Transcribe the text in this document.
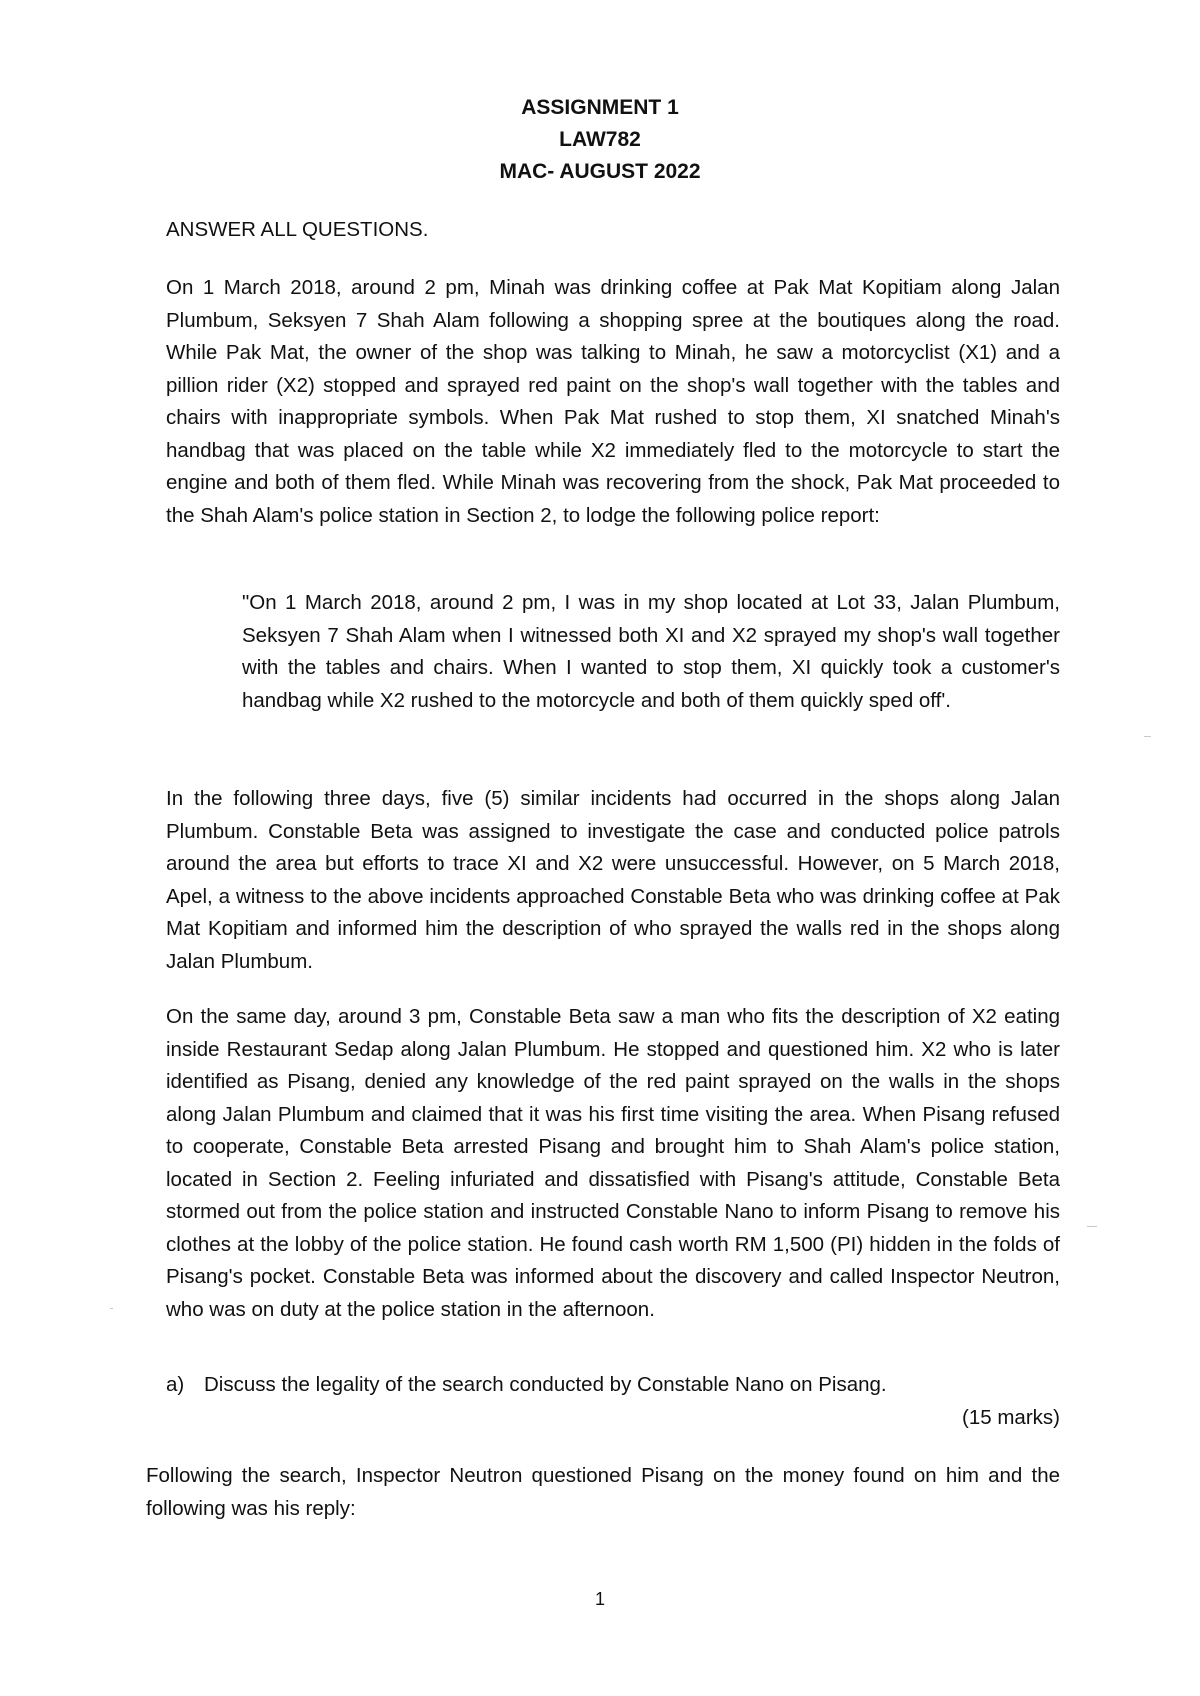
ASSIGNMENT 1
LAW782
MAC- AUGUST 2022

ANSWER ALL QUESTIONS.

On 1 March 2018, around 2 pm, Minah was drinking coffee at Pak Mat Kopitiam along Jalan Plumbum, Seksyen 7 Shah Alam following a shopping spree at the boutiques along the road. While Pak Mat, the owner of the shop was talking to Minah, he saw a motorcyclist (X1) and a pillion rider (X2) stopped and sprayed red paint on the shop's wall together with the tables and chairs with inappropriate symbols. When Pak Mat rushed to stop them, XI snatched Minah's handbag that was placed on the table while X2 immediately fled to the motorcycle to start the engine and both of them fled. While Minah was recovering from the shock, Pak Mat proceeded to the Shah Alam's police station in Section 2, to lodge the following police report:

"On 1 March 2018, around 2 pm, I was in my shop located at Lot 33, Jalan Plumbum, Seksyen 7 Shah Alam when I witnessed both XI and X2 sprayed my shop's wall together with the tables and chairs. When I wanted to stop them, XI quickly took a customer's handbag while X2 rushed to the motorcycle and both of them quickly sped off'.

In the following three days, five (5) similar incidents had occurred in the shops along Jalan Plumbum. Constable Beta was assigned to investigate the case and conducted police patrols around the area but efforts to trace XI and X2 were unsuccessful. However, on 5 March 2018, Apel, a witness to the above incidents approached Constable Beta who was drinking coffee at Pak Mat Kopitiam and informed him the description of who sprayed the walls red in the shops along Jalan Plumbum.

On the same day, around 3 pm, Constable Beta saw a man who fits the description of X2 eating inside Restaurant Sedap along Jalan Plumbum. He stopped and questioned him. X2 who is later identified as Pisang, denied any knowledge of the red paint sprayed on the walls in the shops along Jalan Plumbum and claimed that it was his first time visiting the area. When Pisang refused to cooperate, Constable Beta arrested Pisang and brought him to Shah Alam's police station, located in Section 2. Feeling infuriated and dissatisfied with Pisang's attitude, Constable Beta stormed out from the police station and instructed Constable Nano to inform Pisang to remove his clothes at the lobby of the police station. He found cash worth RM 1,500 (PI) hidden in the folds of Pisang's pocket. Constable Beta was informed about the discovery and called Inspector Neutron, who was on duty at the police station in the afternoon.

a) Discuss the legality of the search conducted by Constable Nano on Pisang.

(15 marks)

Following the search, Inspector Neutron questioned Pisang on the money found on him and the following was his reply:

1
